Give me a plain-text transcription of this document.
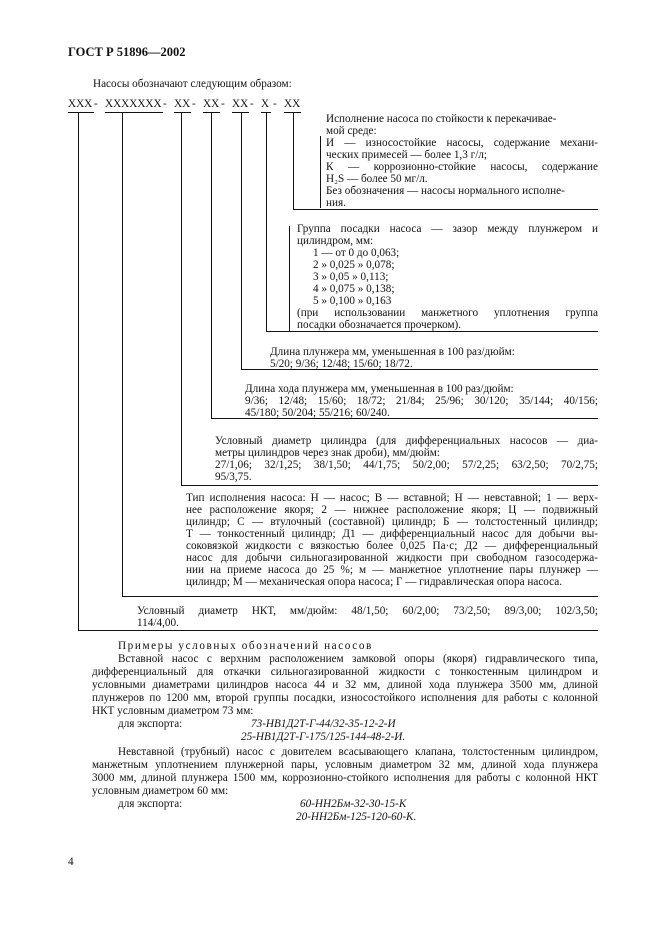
ГОСТ Р 51896—2002
Насосы обозначают следующим образом:
ХХХ - ХХХХХХХ - ХХ - ХХ - ХХ - Х - ХХ
Исполнение насоса по стойкости к перекачивае-
мой среде:
И — износостойкие насосы, содержание механи-
ческих примесей — более 1,3 г/л;
К — коррозионно-стойкие насосы, содержание
H₂S — более 50 мг/л.
Без обозначения — насосы нормального исполне-
ния.
Группа посадки насоса — зазор между плунжером и
цилиндром, мм:
1 — от 0 до 0,063;
2 » 0,025 » 0,078;
3 » 0,05 » 0,113;
4 » 0,075 » 0,138;
5 » 0,100 » 0,163
(при использовании манжетного уплотнения группа
посадки обозначается прочерком).
Длина плунжера мм, уменьшенная в 100 раз/дюйм:
5/20; 9/36; 12/48; 15/60; 18/72.
Длина хода плунжера мм, уменьшенная в 100 раз/дюйм:
9/36; 12/48; 15/60; 18/72; 21/84; 25/96; 30/120; 35/144; 40/156;
45/180; 50/204; 55/216; 60/240.
Условный диаметр цилиндра (для дифференциальных насосов — диа-
метры цилиндров через знак дроби), мм/дюйм:
27/1,06; 32/1,25; 38/1,50; 44/1,75; 50/2,00; 57/2,25; 63/2,50; 70/2,75;
95/3,75.
Тип исполнения насоса: Н — насос; В — вставной; Н — невставной; 1 — верх-
нее расположение якоря; 2 — нижнее расположение якоря; Ц — подвижный
цилиндр; С — втулочный (составной) цилиндр; Б — толстостенный цилиндр;
Т — тонкостенный цилиндр; Д1 — дифференциальный насос для добычи вы-
соковязкой жидкости с вязкостью более 0,025 Па·с; Д2 — дифференциальный
насос для добычи сильногазированной жидкости при свободном газосодержа-
нии на приеме насоса до 25 %; м — манжетное уплотнение пары плунжер —
цилиндр; М — механическая опора насоса; Г — гидравлическая опора насоса.
Условный диаметр НКТ, мм/дюйм: 48/1,50; 60/2,00; 73/2,50; 89/3,00; 102/3,50;
114/4,00.
Примеры условных обозначений насосов
Вставной насос с верхним расположением замковой опоры (якоря) гидравлического типа,
дифференциальный для откачки сильногазированной жидкости с тонкостенным цилиндром и
условными диаметрами цилиндров насоса 44 и 32 мм, длиной хода плунжера 3500 мм, длиной
плунжеров по 1200 мм, второй группы посадки, износостойкого исполнения для работы с колонной
НКТ условным диаметром 73 мм:
для экспорта:	73-НВ1Д2Т-Г-44/32-35-12-2-И
25-НВ1Д2Т-Г-175/125-144-48-2-И.
Невставной (трубный) насос с довителем всасывающего клапана, толстостенным цилиндром,
манжетным уплотнением плунжерной пары, условным диаметром 32 мм, длиной хода плунжера
3000 мм, длиной плунжера 1500 мм, коррозионно-стойкого исполнения для работы с колонной НКТ
условным диаметром 60 мм:
для экспорта:	60-НН2Бм-32-30-15-К
20-НН2Бм-125-120-60-К.
4
